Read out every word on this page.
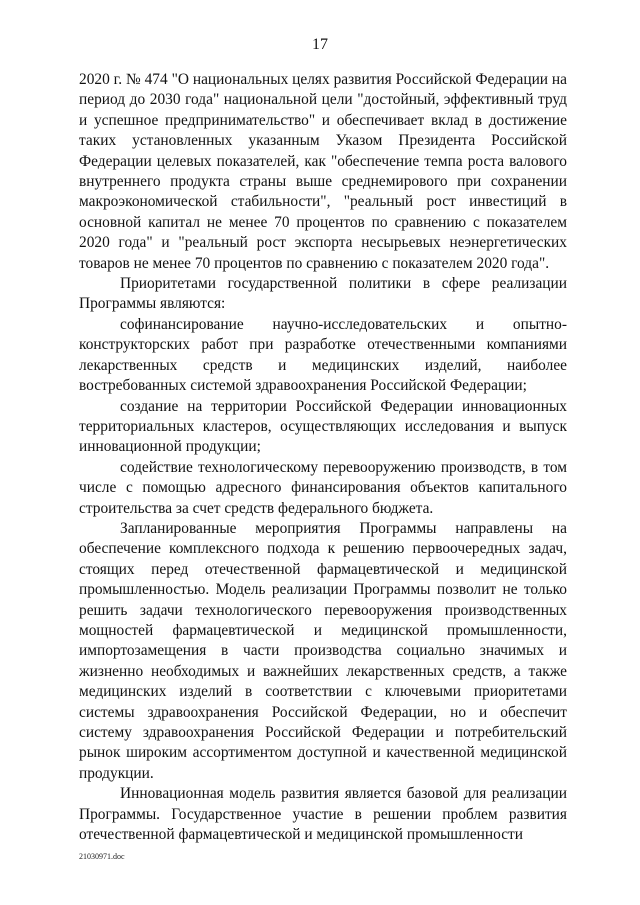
17

2020 г. № 474 "О национальных целях развития Российской Федерации на период до 2030 года" национальной цели "достойный, эффективный труд и успешное предпринимательство" и обеспечивает вклад в достижение таких установленных указанным Указом Президента Российской Федерации целевых показателей, как "обеспечение темпа роста валового внутреннего продукта страны выше среднемирового при сохранении макроэкономической стабильности", "реальный рост инвестиций в основной капитал не менее 70 процентов по сравнению с показателем 2020 года" и "реальный рост экспорта несырьевых неэнергетических товаров не менее 70 процентов по сравнению с показателем 2020 года".

Приоритетами государственной политики в сфере реализации Программы являются:

софинансирование научно-исследовательских и опытно-конструкторских работ при разработке отечественными компаниями лекарственных средств и медицинских изделий, наиболее востребованных системой здравоохранения Российской Федерации;

создание на территории Российской Федерации инновационных территориальных кластеров, осуществляющих исследования и выпуск инновационной продукции;

содействие технологическому перевооружению производств, в том числе с помощью адресного финансирования объектов капитального строительства за счет средств федерального бюджета.

Запланированные мероприятия Программы направлены на обеспечение комплексного подхода к решению первоочередных задач, стоящих перед отечественной фармацевтической и медицинской промышленностью. Модель реализации Программы позволит не только решить задачи технологического перевооружения производственных мощностей фармацевтической и медицинской промышленности, импортозамещения в части производства социально значимых и жизненно необходимых и важнейших лекарственных средств, а также медицинских изделий в соответствии с ключевыми приоритетами системы здравоохранения Российской Федерации, но и обеспечит систему здравоохранения Российской Федерации и потребительский рынок широким ассортиментом доступной и качественной медицинской продукции.

Инновационная модель развития является базовой для реализации Программы. Государственное участие в решении проблем развития отечественной фармацевтической и медицинской промышленности

21030971.doc
